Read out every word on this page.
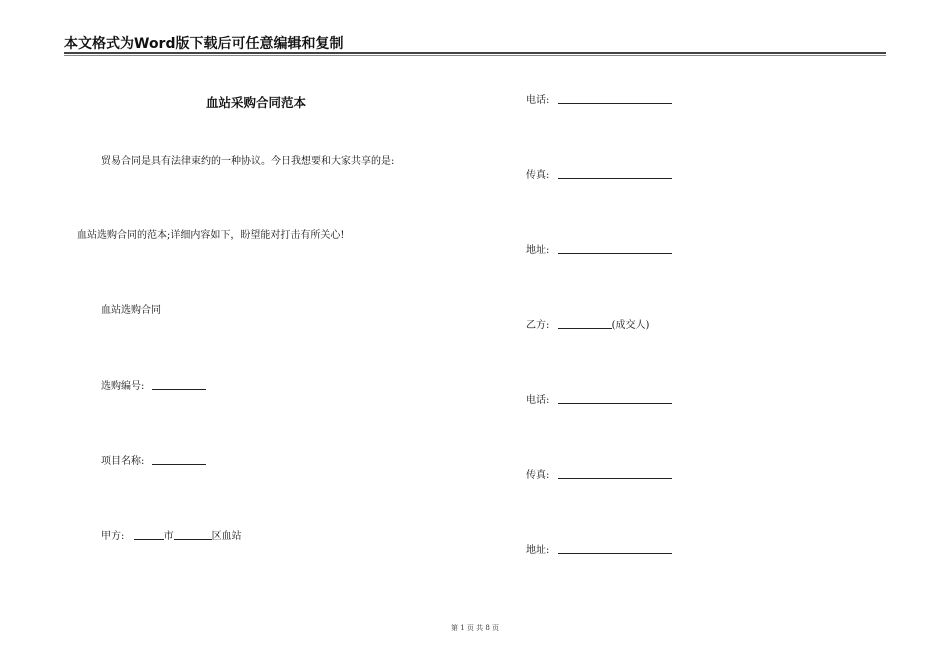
本文格式为Word版下载后可任意编辑和复制
血站采购合同范本
贸易合同是具有法律束约的一种协议。今日我想要和大家共享的是:
血站选购合同的范本;详细内容如下，盼望能对打击有所关心!
血站选购合同
选购编号:
项目名称:
甲方:	市	区血站
电话:
传真:
地址:
乙方:	(成交人)
电话:
传真:
地址:
第 1 页 共 8 页
